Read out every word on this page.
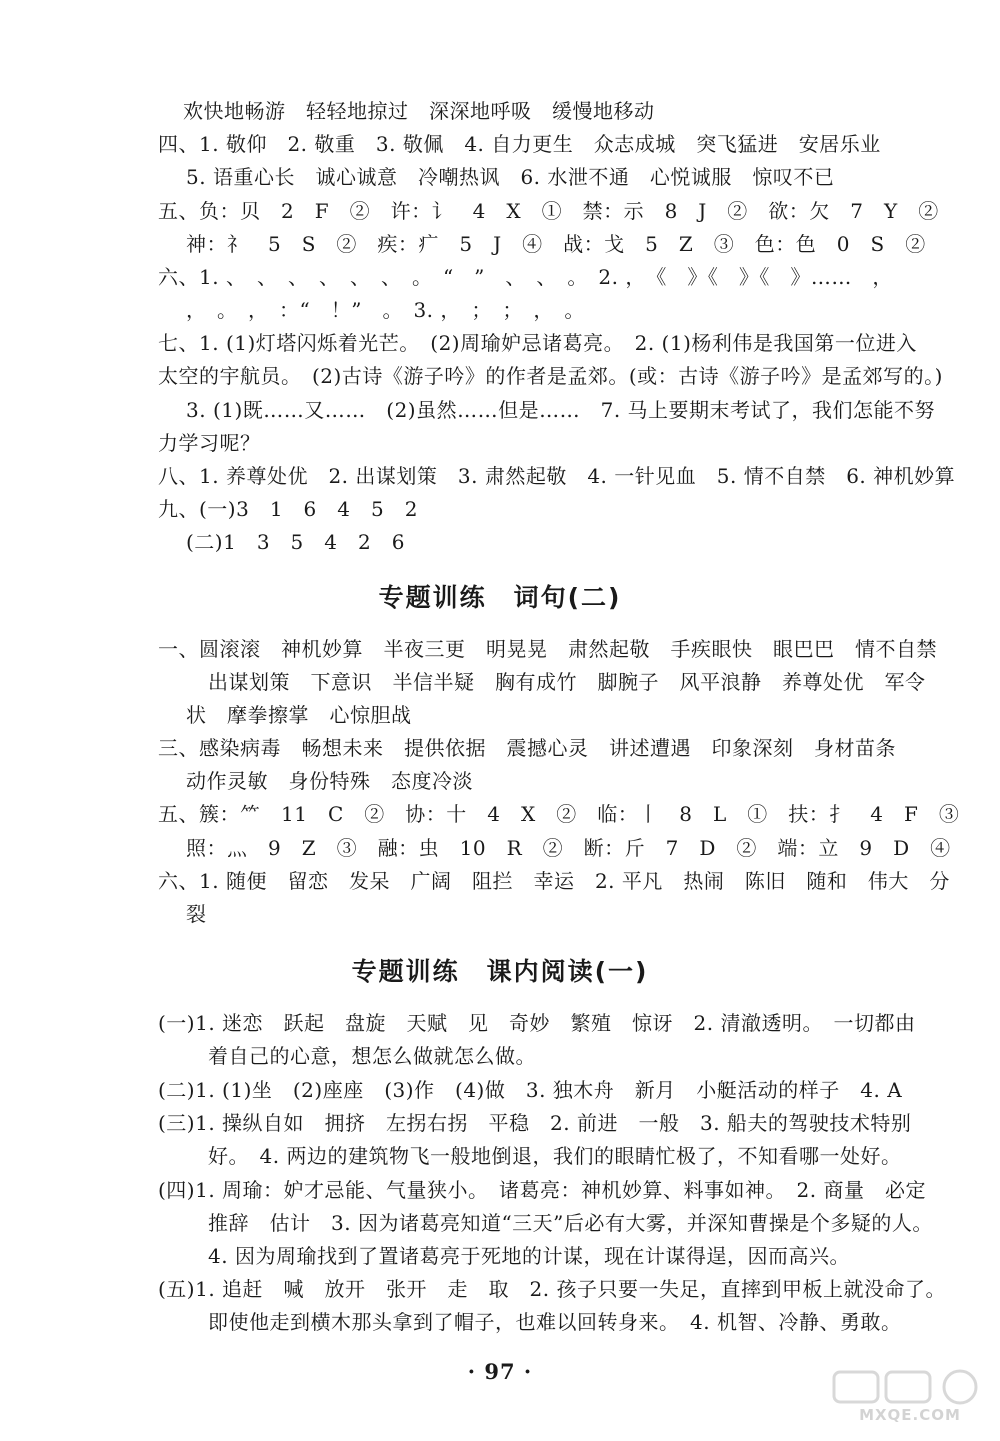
欢快地畅游　轻轻地掠过　深深地呼吸　缓慢地移动
四、1. 敬仰　2. 敬重　3. 敬佩　4. 自力更生　众志成城　突飞猛进　安居乐业
5. 语重心长　诚心诚意　冷嘲热讽　6. 水泄不通　心悦诚服　惊叹不已
五、负：贝　2　F　②　许：讠　4　X　①　禁：示　8　J　②　欲：欠　7　Y　②
神：礻　5　S　②　疾：疒　5　J　④　战：戈　5　Z　③　色：色　0　S　②
六、1. 、　、　、　、　、　、　。　“　”　、　、　。　2. ，　《　》《　》《　》……　，
，　。　，　：“　！”　。　3. ，　；　；　，　。
七、1. (1)灯塔闪烁着光芒。　(2)周瑜妒忌诸葛亮。　2. (1)杨利伟是我国第一位进入
太空的宇航员。　(2)古诗《游子吟》的作者是孟郊。(或：古诗《游子吟》是孟郊写的。)
3. (1)既……又……　(2)虽然……但是……　7. 马上要期末考试了，我们怎能不努
力学习呢？
八、1. 养尊处优　2. 出谋划策　3. 肃然起敬　4. 一针见血　5. 情不自禁　6. 神机妙算
九、(一)3　1　6　4　5　2
(二)1　3　5　4　2　6
专题训练　词句(二)
一、圆滚滚　神机妙算　半夜三更　明晃晃　肃然起敬　手疾眼快　眼巴巴　情不自禁
出谋划策　下意识　半信半疑　胸有成竹　脚腕子　风平浪静　养尊处优　军令
状　摩拳擦掌　心惊胆战
三、感染病毒　畅想未来　提供依据　震撼心灵　讲述遭遇　印象深刻　身材苗条
动作灵敏　身份特殊　态度冷淡
五、簇：⺮　11　C　②　协：十　4　X　②　临：丨　8　L　①　扶：扌　4　F　③
照：灬　9　Z　③　融：虫　10　R　②　断：斤　7　D　②　端：立　9　D　④
六、1. 随便　留恋　发呆　广阔　阻拦　幸运　2. 平凡　热闹　陈旧　随和　伟大　分
裂
专题训练　课内阅读(一)
(一)1. 迷恋　跃起　盘旋　天赋　见　奇妙　繁殖　惊讶　2. 清澈透明。　一切都由
着自己的心意，想怎么做就怎么做。
(二)1. (1)坐　(2)座座　(3)作　(4)做　3. 独木舟　新月　小艇活动的样子　4. A
(三)1. 操纵自如　拥挤　左拐右拐　平稳　2. 前进　一般　3. 船夫的驾驶技术特别
好。　4. 两边的建筑物飞一般地倒退，我们的眼睛忙极了，不知看哪一处好。
(四)1. 周瑜：妒才忌能、气量狭小。　诸葛亮：神机妙算、料事如神。　2. 商量　必定
推辞　估计　3. 因为诸葛亮知道“三天”后必有大雾，并深知曹操是个多疑的人。
4. 因为周瑜找到了置诸葛亮于死地的计谋，现在计谋得逞，因而高兴。
(五)1. 追赶　喊　放开　张开　走　取　2. 孩子只要一失足，直摔到甲板上就没命了。
即使他走到横木那头拿到了帽子，也难以回转身来。　4. 机智、冷静、勇敢。
· 97 ·
MXQE.COM
